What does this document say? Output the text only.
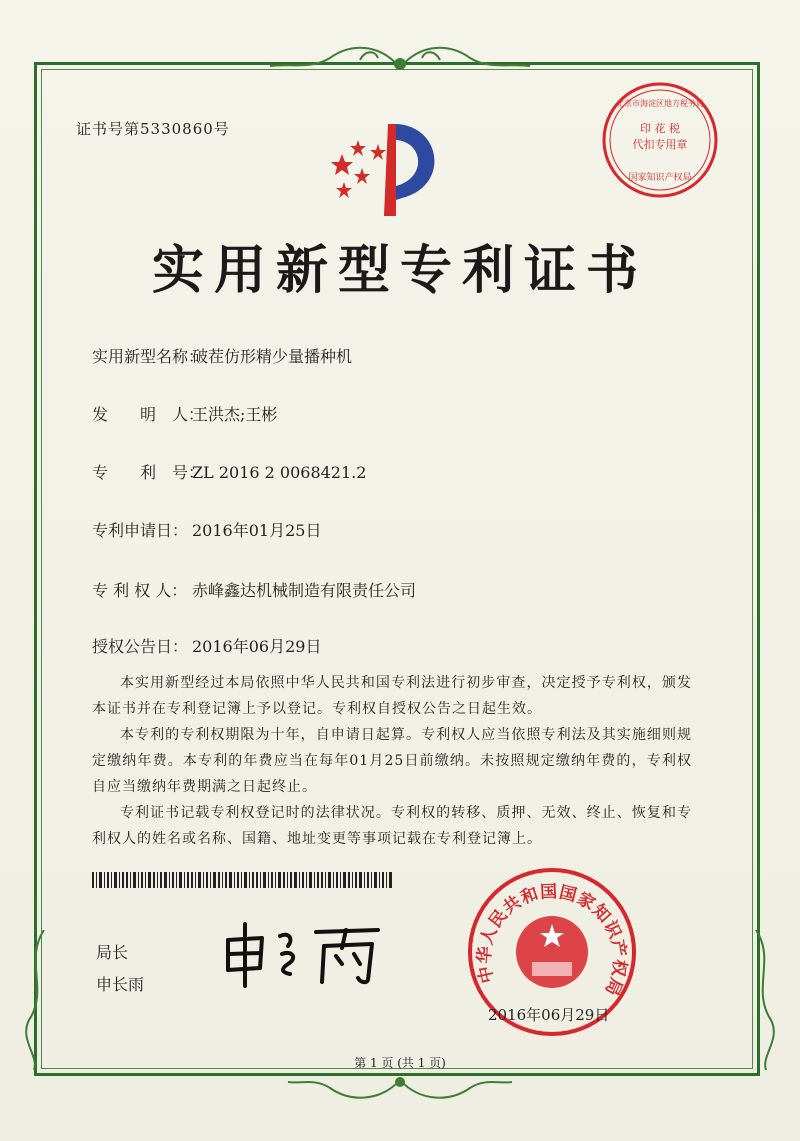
证书号第5330860号
实用新型专利证书
实用新型名称：破茬仿形精少量播种机
发　　明　人：王洪杰;王彬
专　　利　号：ZL 2016 2 0068421.2
专利申请日： 2016年01月25日
专 利 权 人： 赤峰鑫达机械制造有限责任公司
授权公告日： 2016年06月29日

本实用新型经过本局依照中华人民共和国专利法进行初步审查，决定授予专利权，颁发本证书并在专利登记簿上予以登记。专利权自授权公告之日起生效。

本专利的专利权期限为十年，自申请日起算。专利权人应当依照专利法及其实施细则规定缴纳年费。本专利的年费应当在每年01月25日前缴纳。未按照规定缴纳年费的，专利权自应当缴纳年费期满之日起终止。

专利证书记载专利权登记时的法律状况。专利权的转移、质押、无效、终止、恢复和专利权人的姓名或名称、国籍、地址变更等事项记载在专利登记簿上。

局长
申长雨
印 花 税
代扣专用章
北京市海淀区地方税务局
国家知识产权局
中华人民共和国国家知识产权局
2016年06月29日
第 1 页 (共 1 页)
